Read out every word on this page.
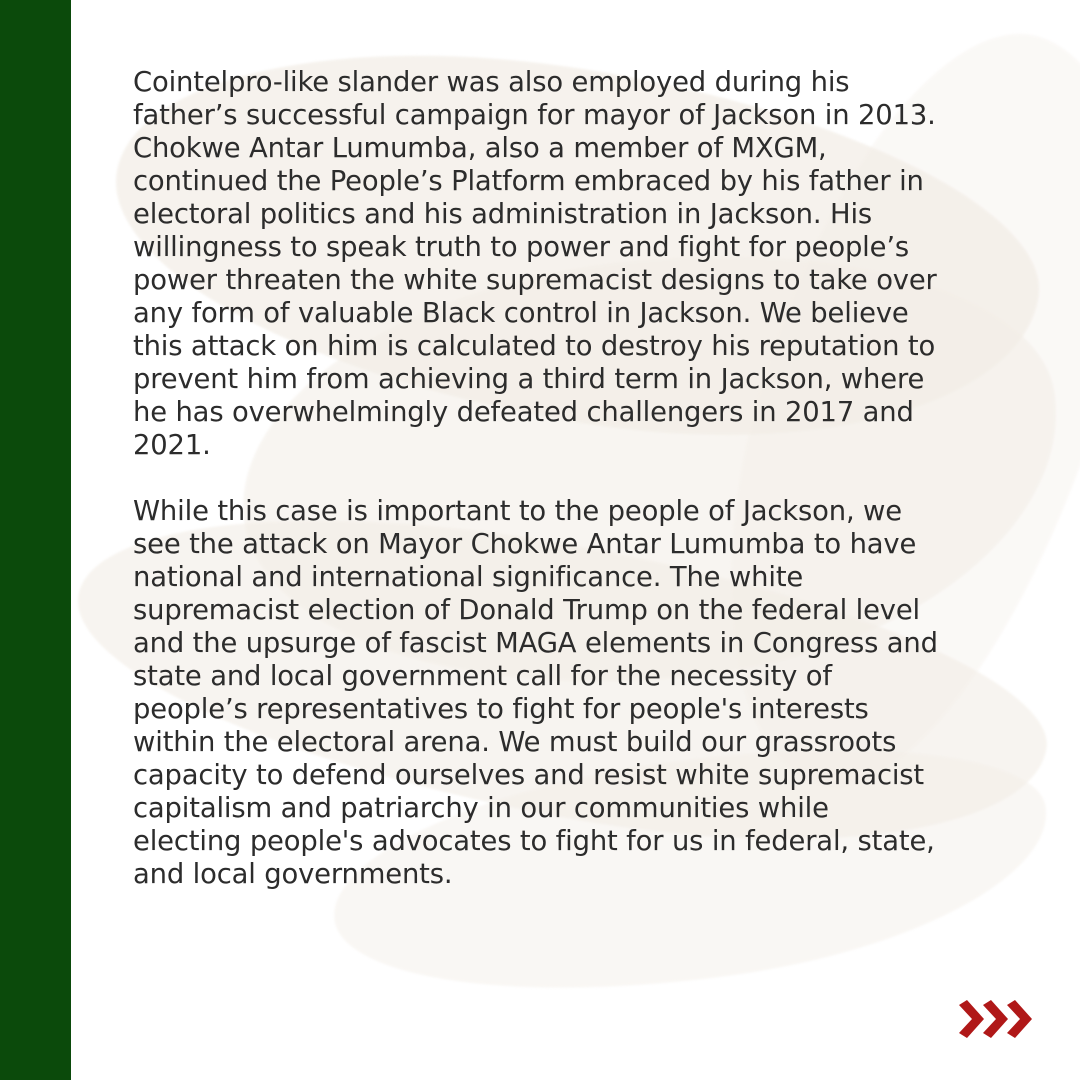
Cointelpro-like slander was also employed during his
father’s successful campaign for mayor of Jackson in 2013.
Chokwe Antar Lumumba, also a member of MXGM,
continued the People’s Platform embraced by his father in
electoral politics and his administration in Jackson. His
willingness to speak truth to power and fight for people’s
power threaten the white supremacist designs to take over
any form of valuable Black control in Jackson. We believe
this attack on him is calculated to destroy his reputation to
prevent him from achieving a third term in Jackson, where
he has overwhelmingly defeated challengers in 2017 and
2021.

While this case is important to the people of Jackson, we
see the attack on Mayor Chokwe Antar Lumumba to have
national and international significance. The white
supremacist election of Donald Trump on the federal level
and the upsurge of fascist MAGA elements in Congress and
state and local government call for the necessity of
people’s representatives to fight for people's interests
within the electoral arena. We must build our grassroots
capacity to defend ourselves and resist white supremacist
capitalism and patriarchy in our communities while
electing people's advocates to fight for us in federal, state,
and local governments.
